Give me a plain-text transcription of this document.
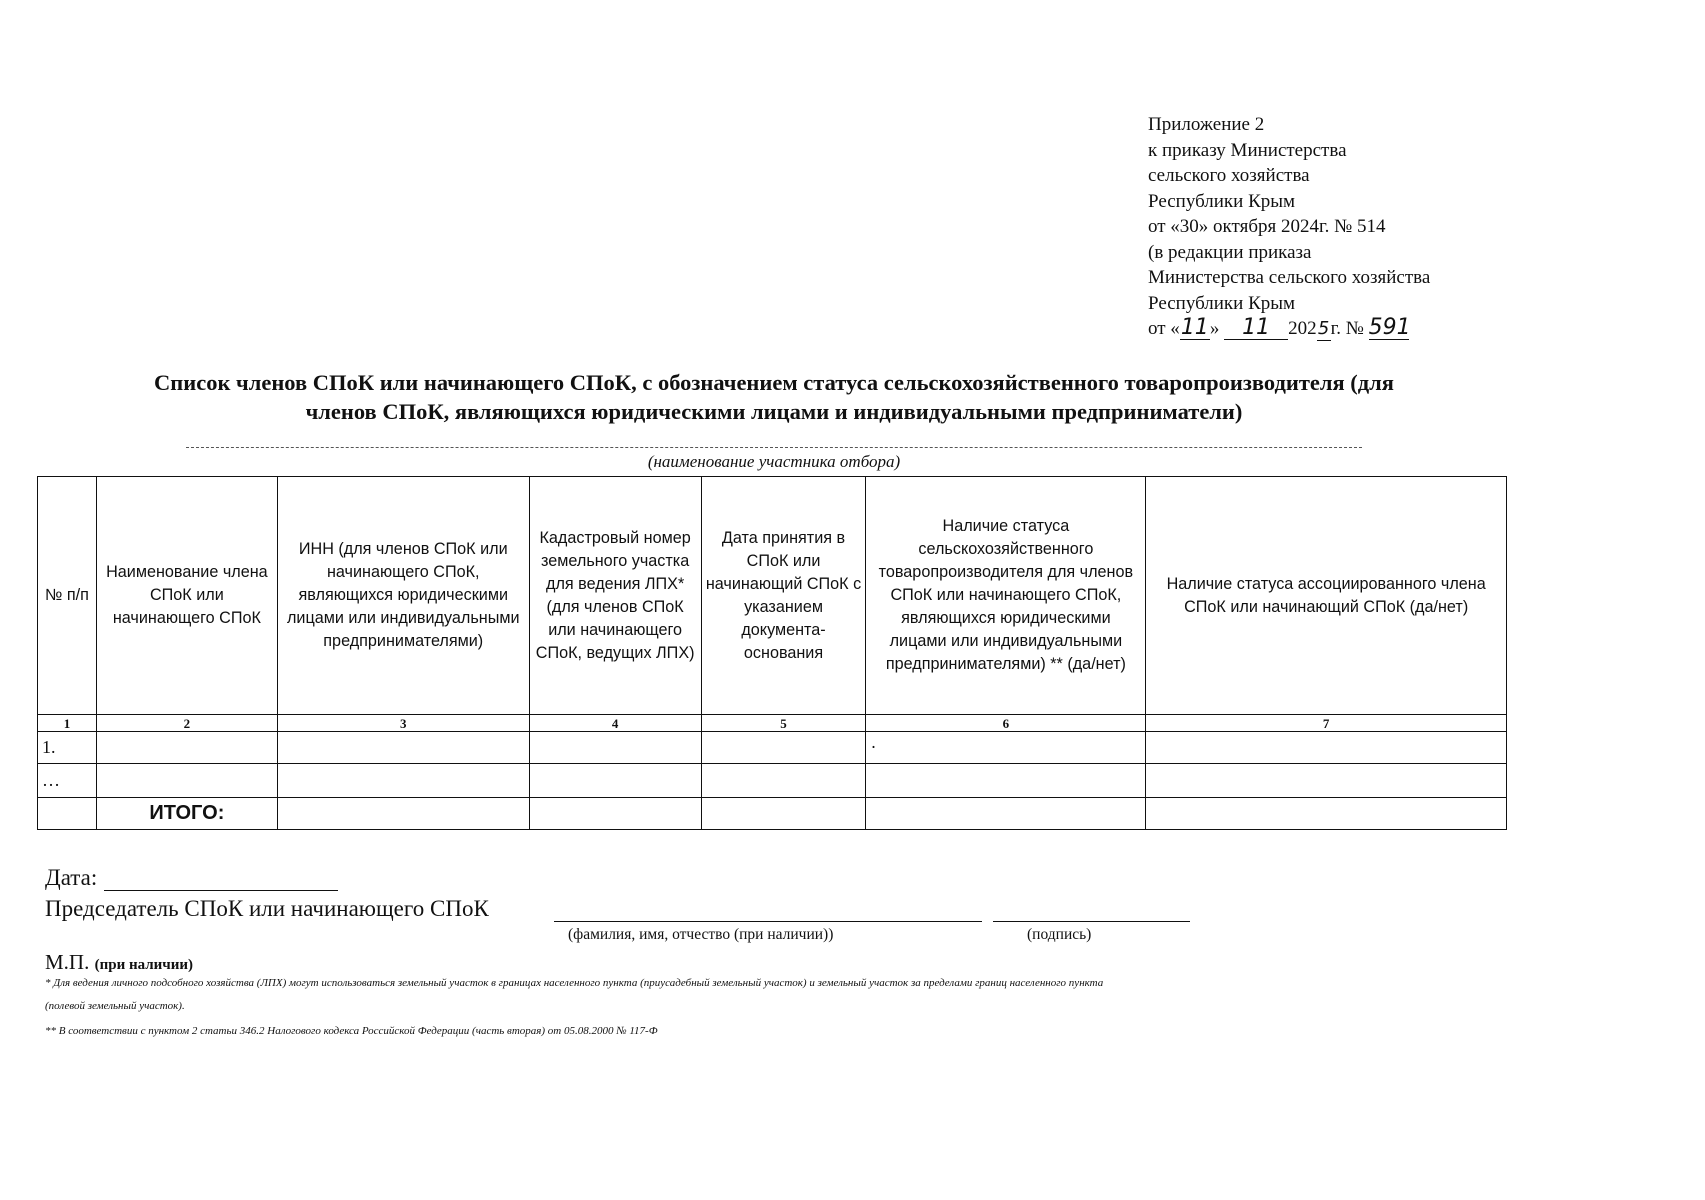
Приложение 2
к приказу Министерства
сельского хозяйства
Республики Крым
от «30» октября 2024г. № 514
(в редакции приказа
Министерства сельского хозяйства
Республики Крым
от «11» 11 2025г. № 591
Список членов СПоК или начинающего СПоК, с обозначением статуса сельскохозяйственного товаропроизводителя (для
членов СПоК, являющихся юридическими лицами и индивидуальными предприниматели)
(наименование участника отбора)
№ п/п	Наименование члена СПоК или начинающего СПоК	ИНН (для членов СПоК или начинающего СПоК, являющихся юридическими лицами или индивидуальными предпринимателями)	Кадастровый номер земельного участка для ведения ЛПХ* (для членов СПоК или начинающего СПоК, ведущих ЛПХ)	Дата принятия в СПоК или начинающий СПоК с указанием документа-основания	Наличие статуса сельскохозяйственного товаропроизводителя для членов СПоК или начинающего СПоК, являющихся юридическими лицами или индивидуальными предпринимателями) ** (да/нет)	Наличие статуса ассоциированного члена СПоК или начинающий СПоК (да/нет)
1	2	3	4	5	6	7
1.					·	
…						
	ИТОГО:					
Дата:
Председатель СПоК или начинающего СПоК
(фамилия, имя, отчество (при наличии))	(подпись)
М.П. (при наличии)
* Для ведения личного подсобного хозяйства (ЛПХ) могут использоваться земельный участок в границах населенного пункта (приусадебный земельный участок) и земельный участок за пределами границ населенного пункта
(полевой земельный участок).
** В соответствии с пунктом 2 статьи 346.2 Налогового кодекса Российской Федерации (часть вторая) от 05.08.2000 № 117-Ф
